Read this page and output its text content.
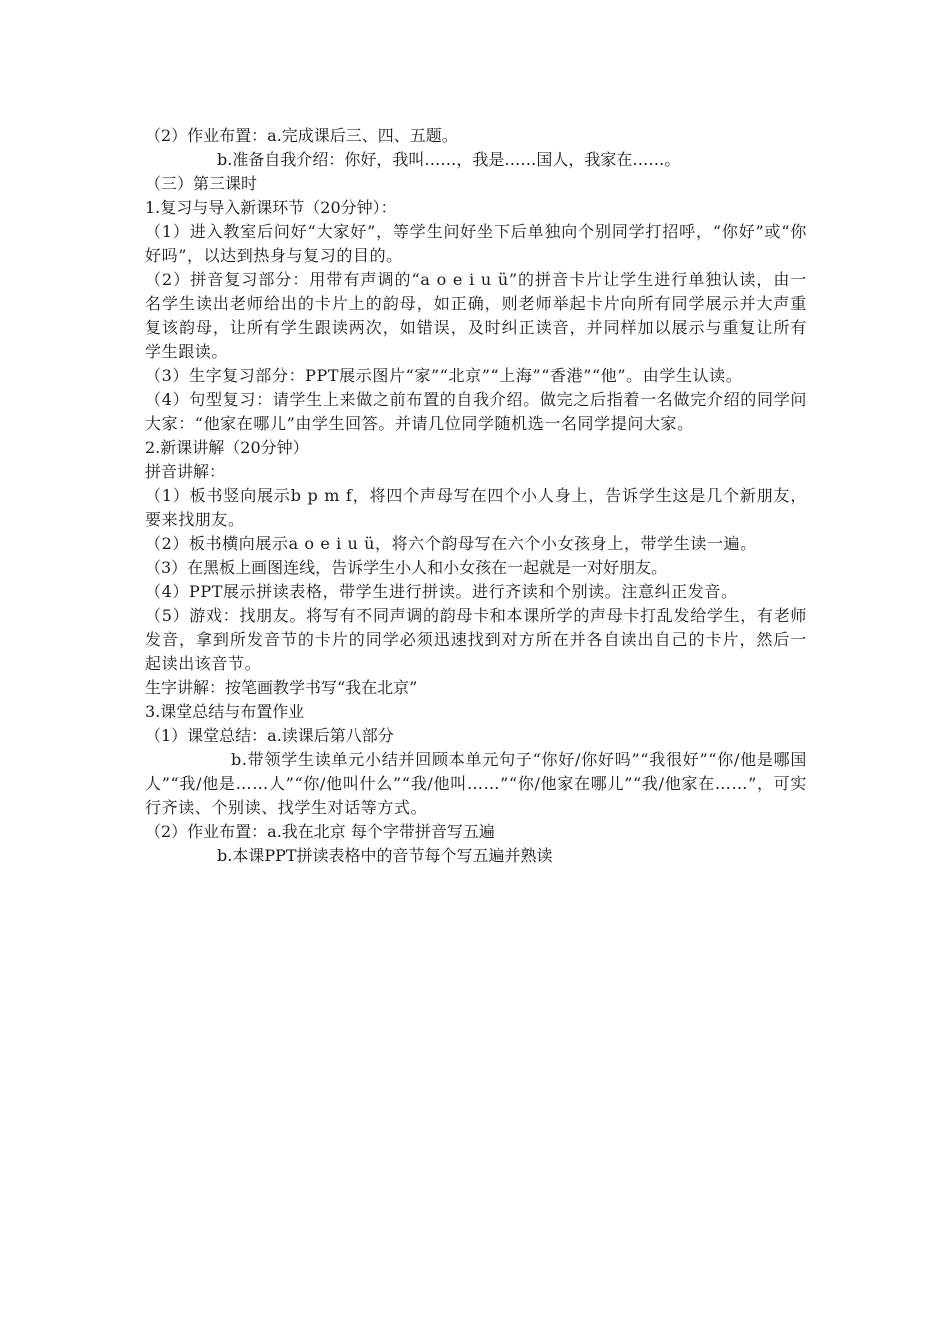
（2）作业布置：a.完成课后三、四、五题。
b.准备自我介绍：你好，我叫……，我是……国人，我家在……。
（三）第三课时
1.复习与导入新课环节（20分钟）：
（1）进入教室后问好“大家好”，等学生问好坐下后单独向个别同学打招呼，“你好”或“你好吗”，以达到热身与复习的目的。
（2）拼音复习部分：用带有声调的“a o e i u ü”的拼音卡片让学生进行单独认读，由一名学生读出老师给出的卡片上的韵母，如正确，则老师举起卡片向所有同学展示并大声重复该韵母，让所有学生跟读两次，如错误，及时纠正读音，并同样加以展示与重复让所有学生跟读。
（3）生字复习部分：PPT展示图片“家”“北京”“上海”“香港”“他”。由学生认读。
（4）句型复习：请学生上来做之前布置的自我介绍。做完之后指着一名做完介绍的同学问大家：“他家在哪儿”由学生回答。并请几位同学随机选一名同学提问大家。
2.新课讲解（20分钟）
拼音讲解：
（1）板书竖向展示b p m f，将四个声母写在四个小人身上，告诉学生这是几个新朋友，要来找朋友。
（2）板书横向展示a o e i u ü，将六个韵母写在六个小女孩身上，带学生读一遍。
（3）在黑板上画图连线，告诉学生小人和小女孩在一起就是一对好朋友。
（4）PPT展示拼读表格，带学生进行拼读。进行齐读和个别读。注意纠正发音。
（5）游戏：找朋友。将写有不同声调的韵母卡和本课所学的声母卡打乱发给学生，有老师发音，拿到所发音节的卡片的同学必须迅速找到对方所在并各自读出自己的卡片，然后一起读出该音节。
生字讲解：按笔画教学书写“我在北京”
3.课堂总结与布置作业
（1）课堂总结：a.读课后第八部分
b.带领学生读单元小结并回顾本单元句子“你好/你好吗”“我很好”“你/他是哪国人”“我/他是……人”“你/他叫什么”“我/他叫……”“你/他家在哪儿”“我/他家在……”，可实行齐读、个别读、找学生对话等方式。
（2）作业布置：a.我在北京 每个字带拼音写五遍
b.本课PPT拼读表格中的音节每个写五遍并熟读
